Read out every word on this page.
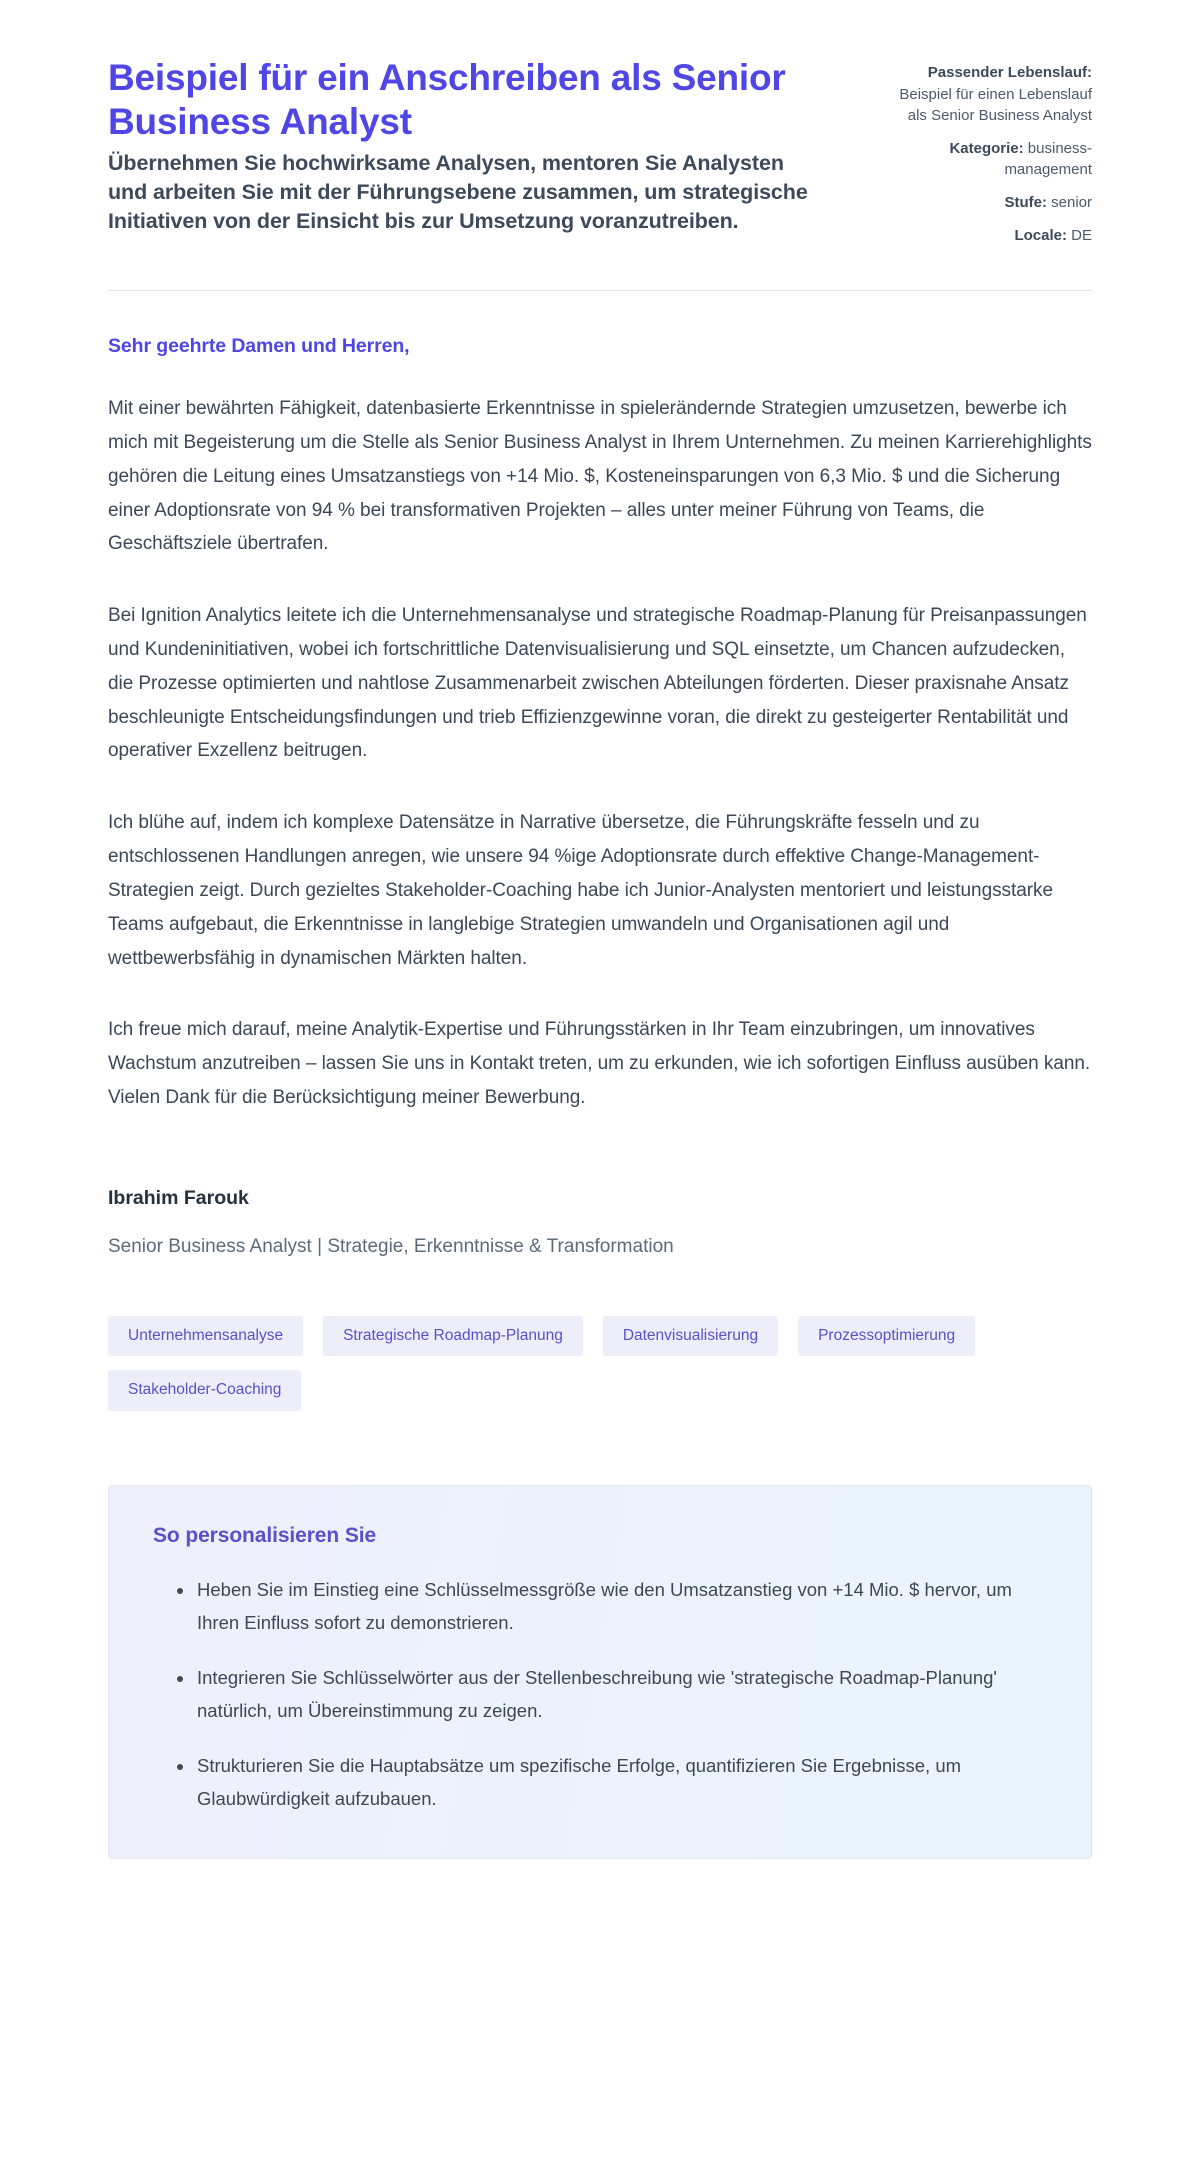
Beispiel für ein Anschreiben als Senior Business Analyst

Übernehmen Sie hochwirksame Analysen, mentoren Sie Analysten und arbeiten Sie mit der Führungsebene zusammen, um strategische Initiativen von der Einsicht bis zur Umsetzung voranzutreiben.

Passender Lebenslauf: Beispiel für einen Lebenslauf als Senior Business Analyst
Kategorie: business-management
Stufe: senior
Locale: DE

Sehr geehrte Damen und Herren,

Mit einer bewährten Fähigkeit, datenbasierte Erkenntnisse in spielerändernde Strategien umzusetzen, bewerbe ich mich mit Begeisterung um die Stelle als Senior Business Analyst in Ihrem Unternehmen. Zu meinen Karrierehighlights gehören die Leitung eines Umsatzanstiegs von +14 Mio. $, Kosteneinsparungen von 6,3 Mio. $ und die Sicherung einer Adoptionsrate von 94 % bei transformativen Projekten – alles unter meiner Führung von Teams, die Geschäftsziele übertrafen.

Bei Ignition Analytics leitete ich die Unternehmensanalyse und strategische Roadmap-Planung für Preisanpassungen und Kundeninitiativen, wobei ich fortschrittliche Datenvisualisierung und SQL einsetzte, um Chancen aufzudecken, die Prozesse optimierten und nahtlose Zusammenarbeit zwischen Abteilungen förderten. Dieser praxisnahe Ansatz beschleunigte Entscheidungsfindungen und trieb Effizienzgewinne voran, die direkt zu gesteigerter Rentabilität und operativer Exzellenz beitrugen.

Ich blühe auf, indem ich komplexe Datensätze in Narrative übersetze, die Führungskräfte fesseln und zu entschlossenen Handlungen anregen, wie unsere 94 %ige Adoptionsrate durch effektive Change-Management-Strategien zeigt. Durch gezieltes Stakeholder-Coaching habe ich Junior-Analysten mentoriert und leistungsstarke Teams aufgebaut, die Erkenntnisse in langlebige Strategien umwandeln und Organisationen agil und wettbewerbsfähig in dynamischen Märkten halten.

Ich freue mich darauf, meine Analytik-Expertise und Führungsstärken in Ihr Team einzubringen, um innovatives Wachstum anzutreiben – lassen Sie uns in Kontakt treten, um zu erkunden, wie ich sofortigen Einfluss ausüben kann. Vielen Dank für die Berücksichtigung meiner Bewerbung.

Ibrahim Farouk

Senior Business Analyst | Strategie, Erkenntnisse & Transformation

Unternehmensanalyse	Strategische Roadmap-Planung	Datenvisualisierung	Prozessoptimierung
Stakeholder-Coaching
So personalisieren Sie
Heben Sie im Einstieg eine Schlüsselmessgröße wie den Umsatzanstieg von +14 Mio. $ hervor, um Ihren Einfluss sofort zu demonstrieren.
Integrieren Sie Schlüsselwörter aus der Stellenbeschreibung wie 'strategische Roadmap-Planung' natürlich, um Übereinstimmung zu zeigen.
Strukturieren Sie die Hauptabsätze um spezifische Erfolge, quantifizieren Sie Ergebnisse, um Glaubwürdigkeit aufzubauen.
